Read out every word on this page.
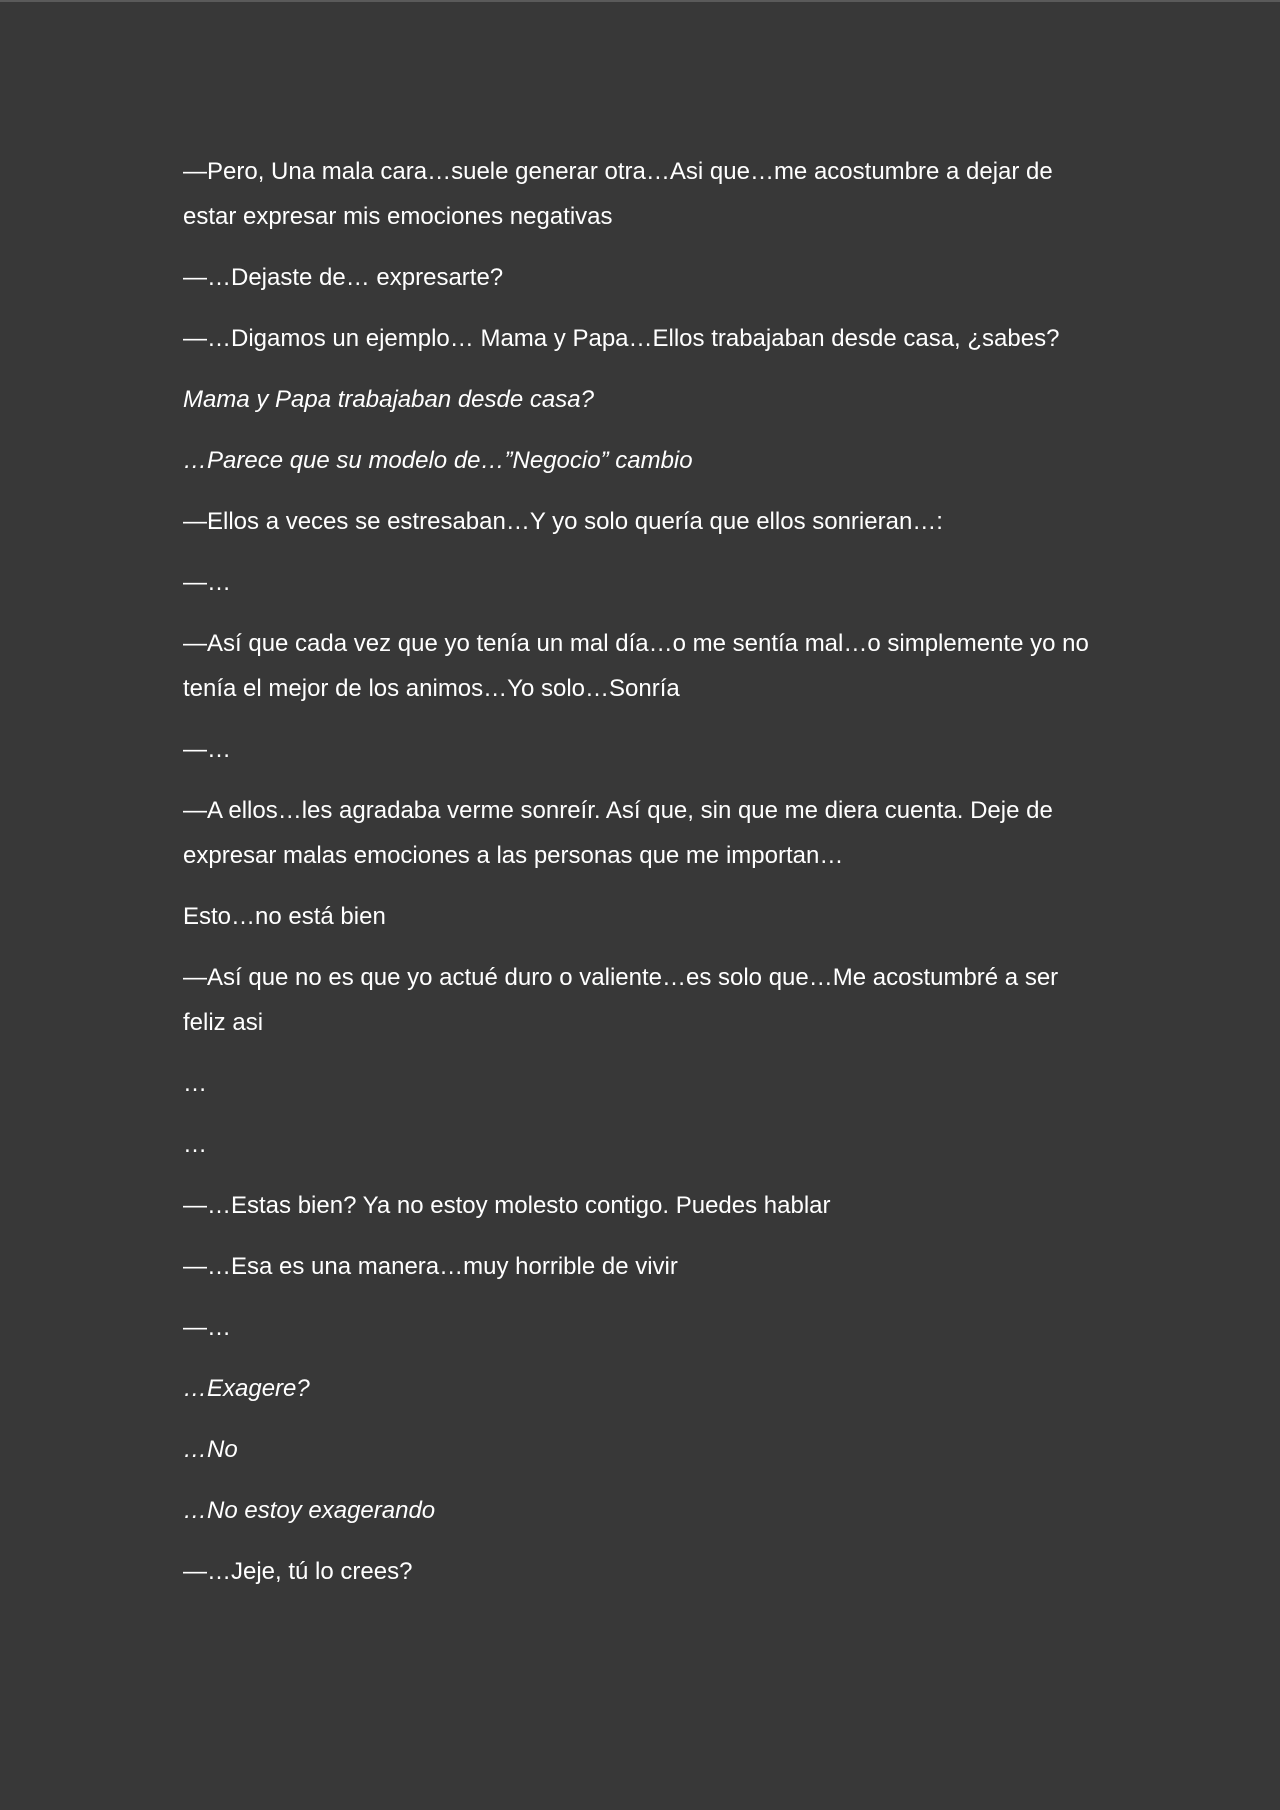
—Pero, Una mala cara…suele generar otra…Asi que…me acostumbre a dejar de estar expresar mis emociones negativas

—…Dejaste de… expresarte?

—…Digamos un ejemplo… Mama y Papa…Ellos trabajaban desde casa, ¿sabes?

Mama y Papa trabajaban desde casa?

…Parece que su modelo de…”Negocio” cambio

—Ellos a veces se estresaban…Y yo solo quería que ellos sonrieran…:

—…

—Así que cada vez que yo tenía un mal día…o me sentía mal…o simplemente yo no tenía el mejor de los animos…Yo solo…Sonría

—…

—A ellos…les agradaba verme sonreír. Así que, sin que me diera cuenta. Deje de expresar malas emociones a las personas que me importan…

Esto…no está bien

—Así que no es que yo actué duro o valiente…es solo que…Me acostumbré a ser feliz asi

…

…

—…Estas bien? Ya no estoy molesto contigo. Puedes hablar

—…Esa es una manera…muy horrible de vivir

—…

…Exagere?

…No

…No estoy exagerando

—…Jeje, tú lo crees?
